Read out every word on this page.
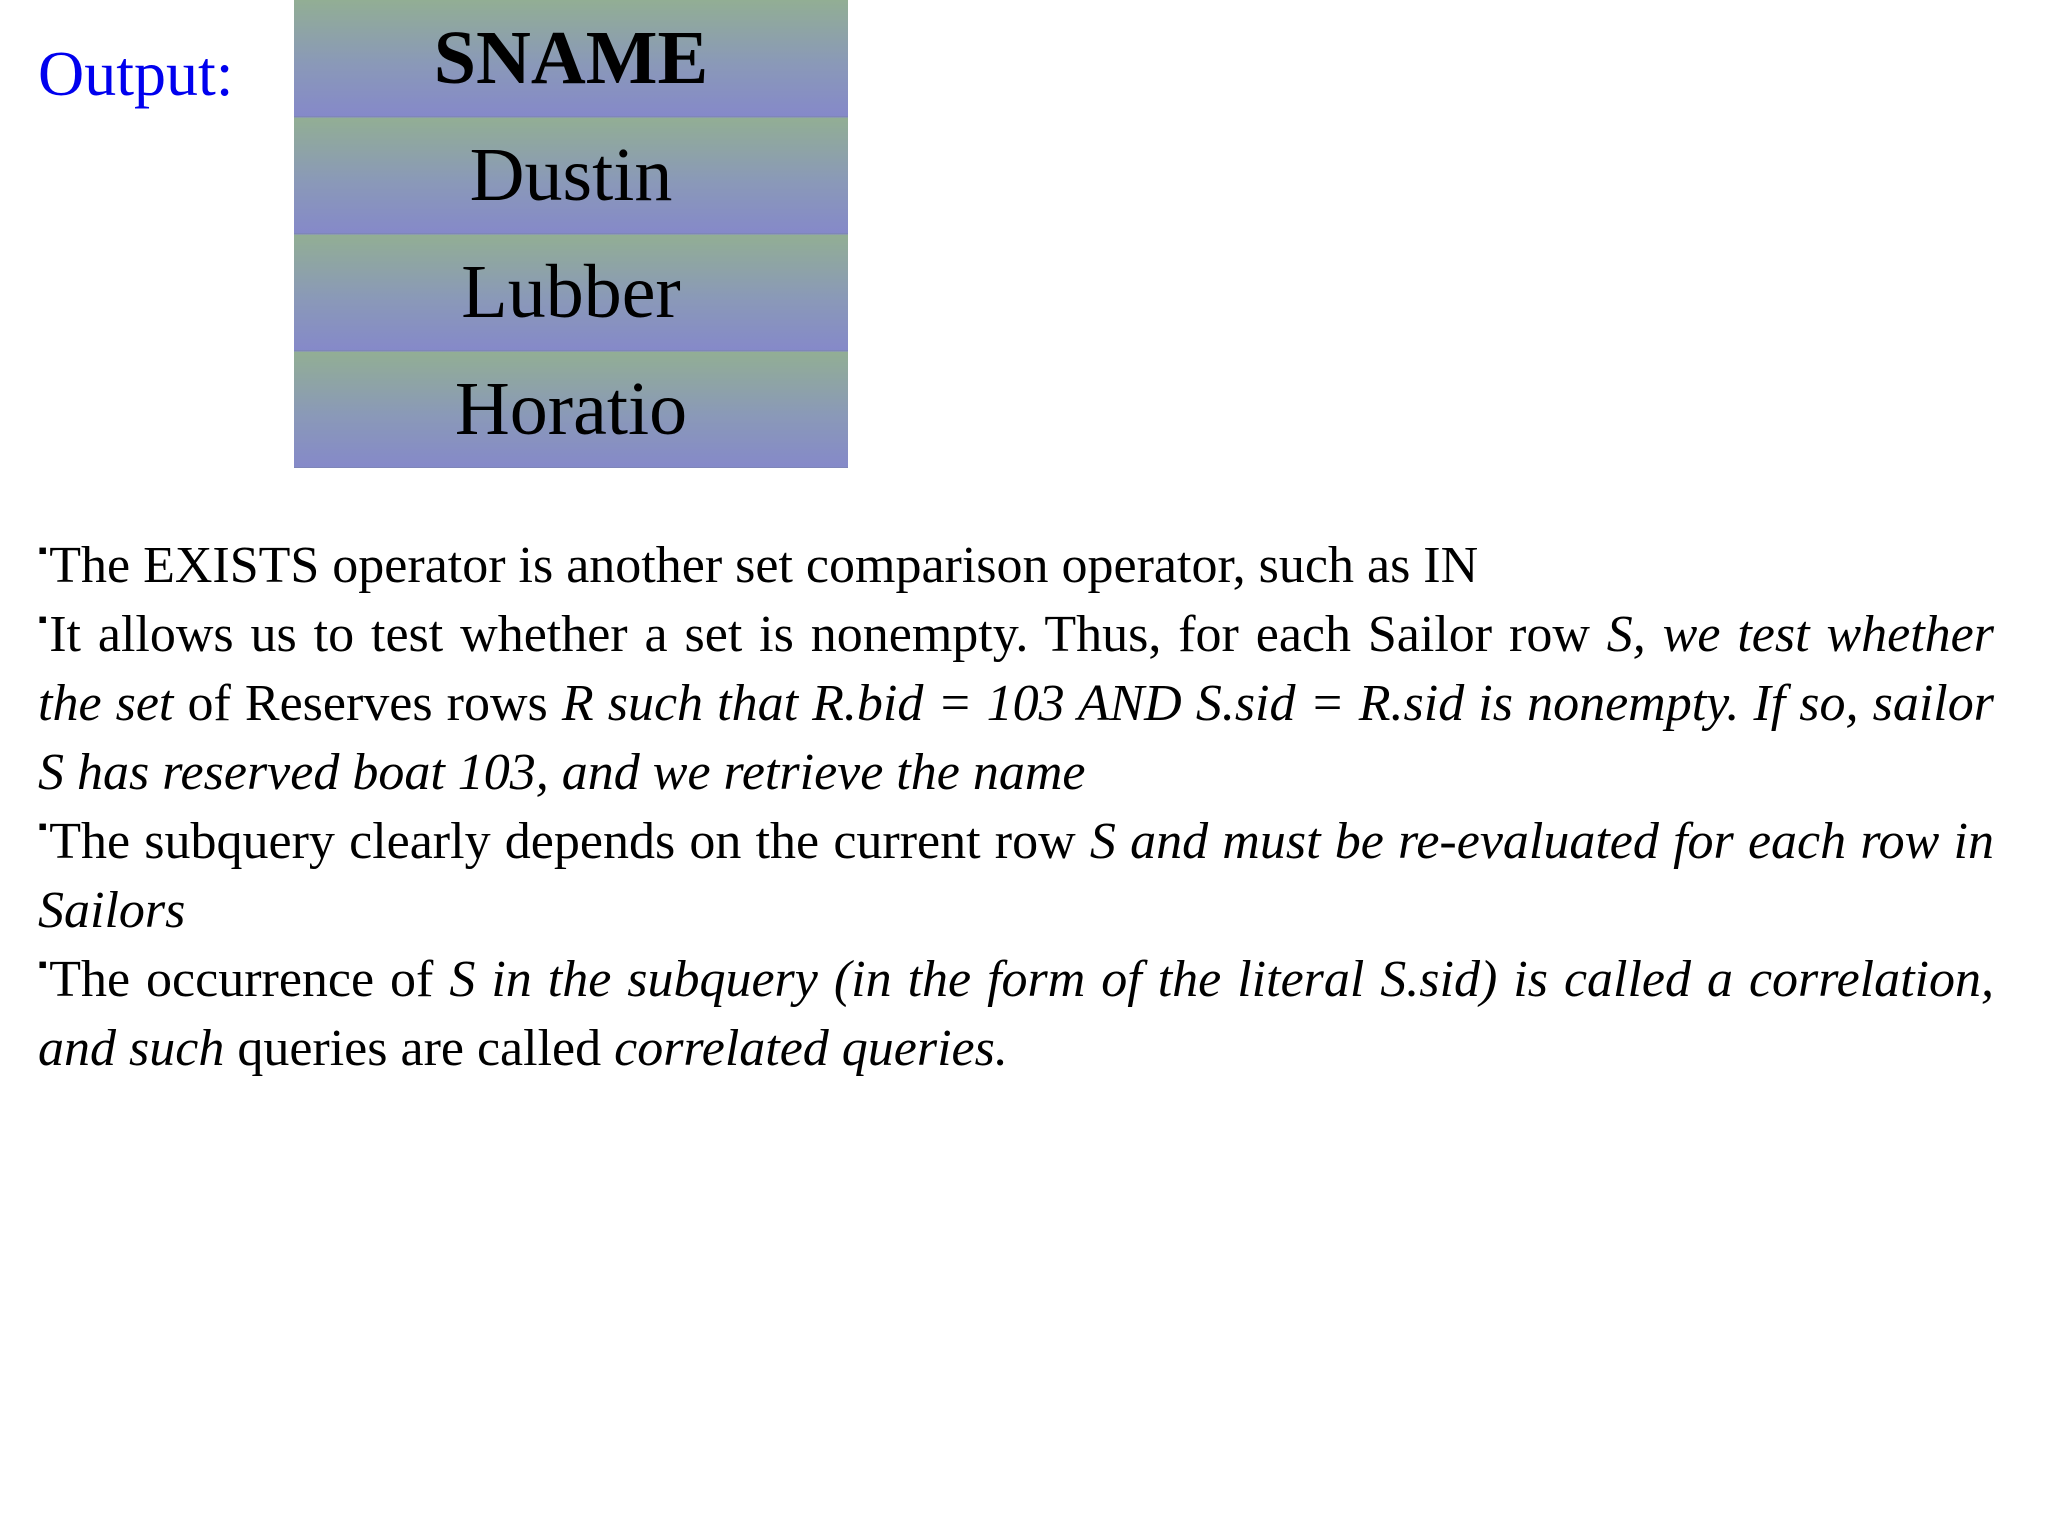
Output:	SNAME
Dustin
Lubber
Horatio

▪The EXISTS operator is another set comparison operator, such as IN

▪It allows us to test whether a set is nonempty. Thus, for each Sailor row S, we test whether the set of Reserves rows R such that R.bid = 103 AND S.sid = R.sid is nonempty. If so, sailor S has reserved boat 103, and we retrieve the name

▪The subquery clearly depends on the current row S and must be re-evaluated for each row in Sailors

▪The occurrence of S in the subquery (in the form of the literal S.sid) is called a correlation, and such queries are called correlated queries.
